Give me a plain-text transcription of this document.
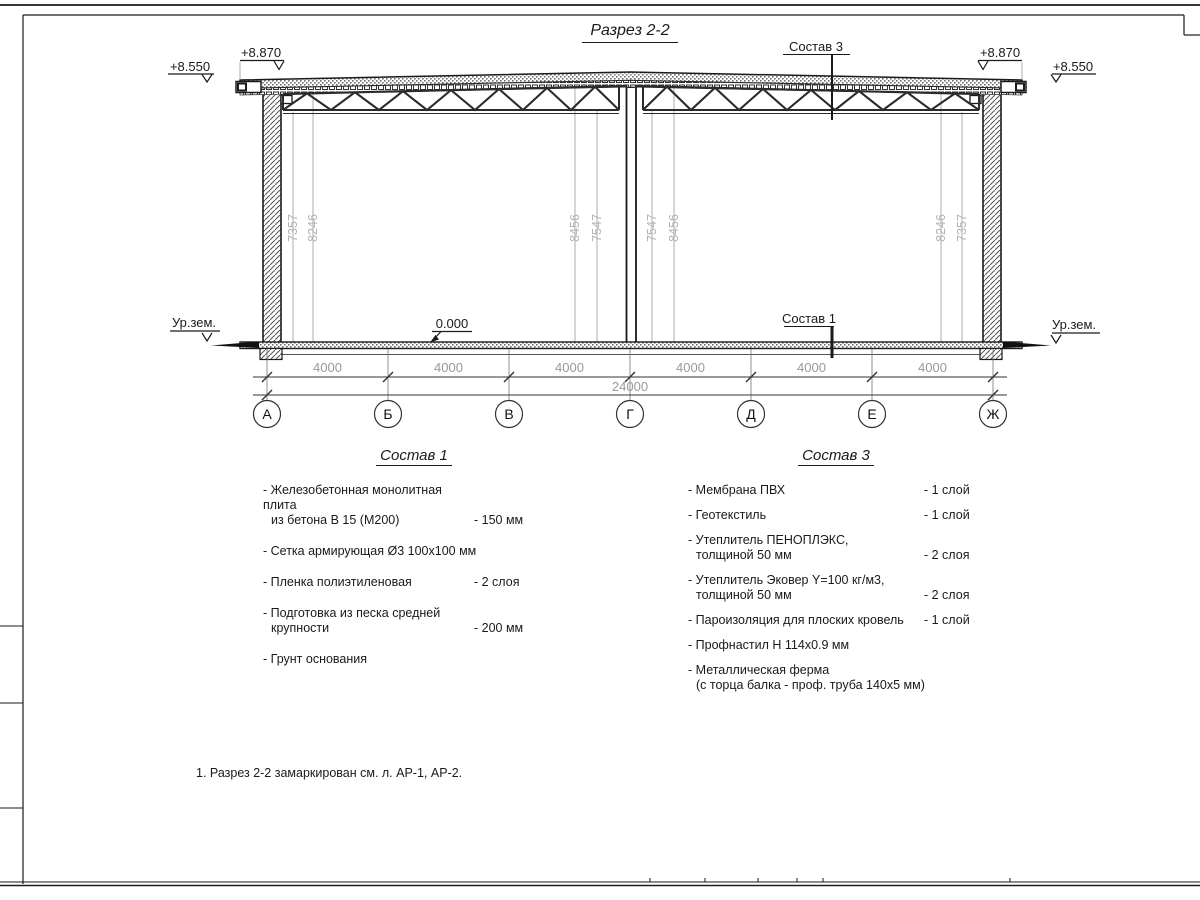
7357 8246	8456 7547	7547 8456	8246 7357
+8.550
+8.870	+8.870
+8.550
Ур.зем.	Ур.зем.
0.000
Состав 3
Состав 1
4000	4000	4000	4000	4000	4000
24000
А	Б	В	Г	Д	Е	Ж
Разрез 2-2
Состав 1
- Железобетонная монолитная плита
из бетона В 15 (М200)	- 150 мм
- Сетка армирующая Ø3 100х100 мм
- Пленка полиэтиленовая	- 2 слоя
- Подготовка из песка средней
крупности	- 200 мм
- Грунт основания
Состав 3
- Мембрана ПВХ	- 1 слой
- Геотекстиль	- 1 слой
- Утеплитель ПЕНОПЛЭКС,
толщиной 50 мм	- 2 слоя
- Утеплитель Эковер Y=100 кг/м3,
толщиной 50 мм	- 2 слоя
- Пароизоляция для плоских кровель	- 1 слой
- Профнастил Н 114х0.9 мм
- Металлическая ферма
(с торца балка - проф. труба 140х5 мм)
1. Разрез 2-2 замаркирован см. л. АР-1, АР-2.
